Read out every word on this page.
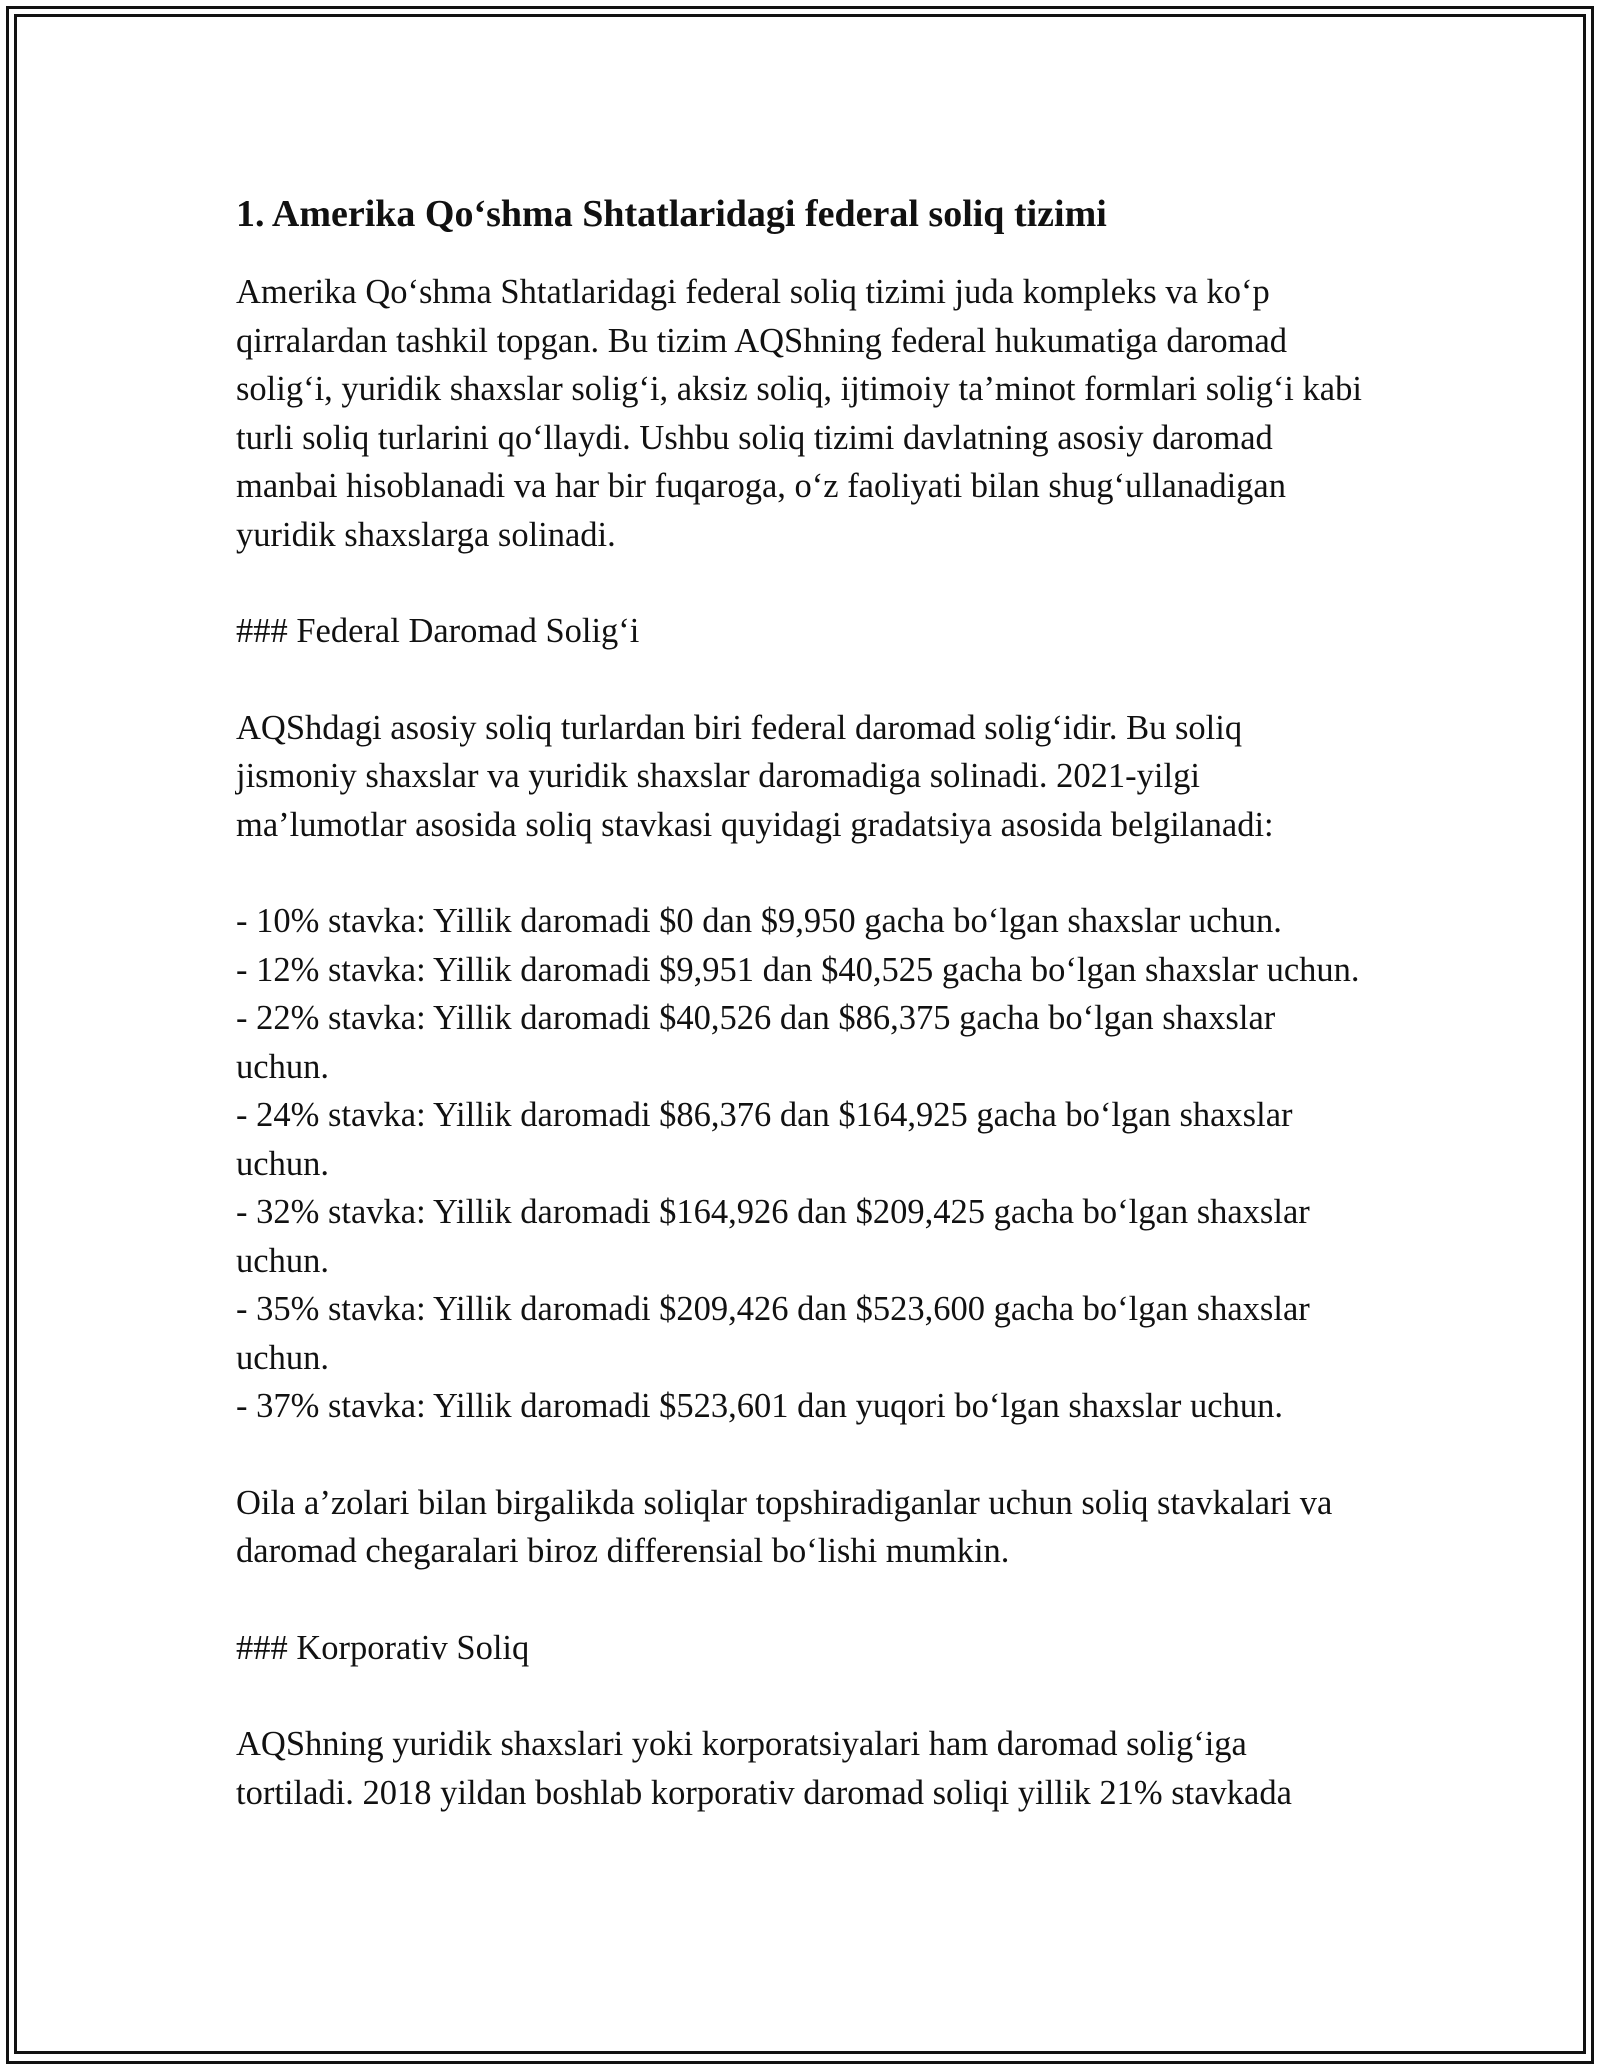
1. Amerika Qo‘shma Shtatlaridagi federal soliq tizimi

Amerika Qo‘shma Shtatlaridagi federal soliq tizimi juda kompleks va ko‘p qirralardan tashkil topgan. Bu tizim AQShning federal hukumatiga daromad solig‘i, yuridik shaxslar solig‘i, aksiz soliq, ijtimoiy ta’minot formlari solig‘i kabi turli soliq turlarini qo‘llaydi. Ushbu soliq tizimi davlatning asosiy daromad manbai hisoblanadi va har bir fuqaroga, o‘z faoliyati bilan shug‘ullanadigan yuridik shaxslarga solinadi.

### Federal Daromad Solig‘i

AQShdagi asosiy soliq turlardan biri federal daromad solig‘idir. Bu soliq jismoniy shaxslar va yuridik shaxslar daromadiga solinadi. 2021-yilgi ma’lumotlar asosida soliq stavkasi quyidagi gradatsiya asosida belgilanadi:

- 10% stavka: Yillik daromadi $0 dan $9,950 gacha bo‘lgan shaxslar uchun.
- 12% stavka: Yillik daromadi $9,951 dan $40,525 gacha bo‘lgan shaxslar uchun.
- 22% stavka: Yillik daromadi $40,526 dan $86,375 gacha bo‘lgan shaxslar uchun.
- 24% stavka: Yillik daromadi $86,376 dan $164,925 gacha bo‘lgan shaxslar uchun.
- 32% stavka: Yillik daromadi $164,926 dan $209,425 gacha bo‘lgan shaxslar uchun.
- 35% stavka: Yillik daromadi $209,426 dan $523,600 gacha bo‘lgan shaxslar uchun.
- 37% stavka: Yillik daromadi $523,601 dan yuqori bo‘lgan shaxslar uchun.

Oila a’zolari bilan birgalikda soliqlar topshiradiganlar uchun soliq stavkalari va daromad chegaralari biroz differensial bo‘lishi mumkin.

### Korporativ Soliq

AQShning yuridik shaxslari yoki korporatsiyalari ham daromad solig‘iga tortiladi. 2018 yildan boshlab korporativ daromad soliqi yillik 21% stavkada
